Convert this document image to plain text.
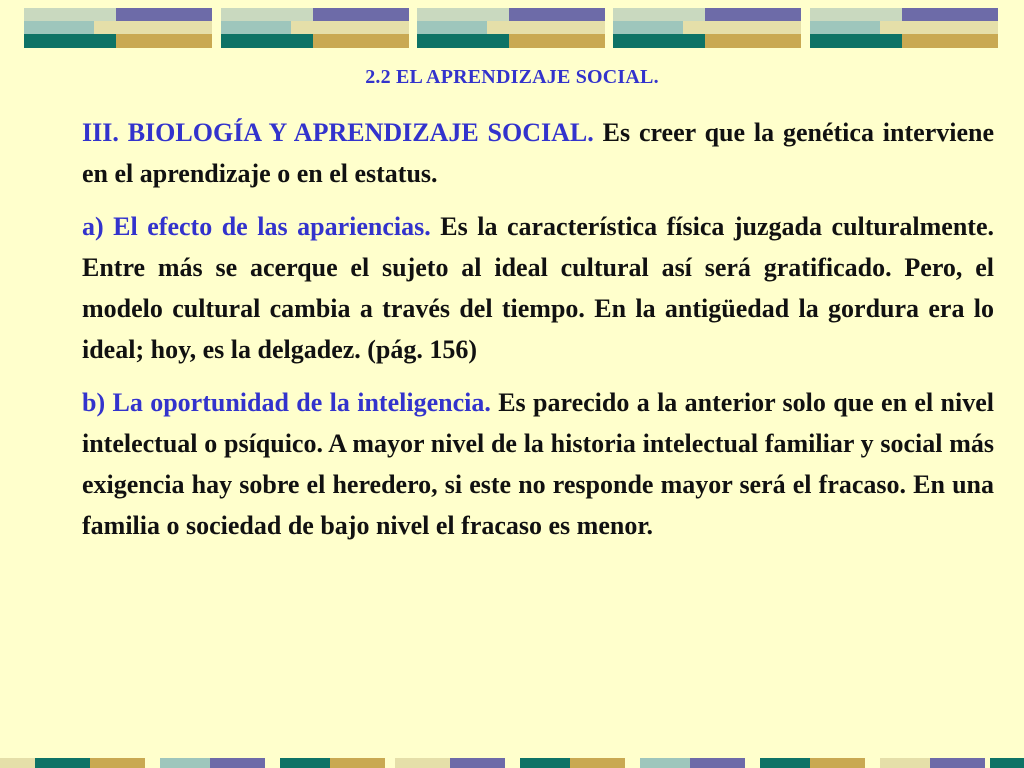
2.2 EL APRENDIZAJE SOCIAL.

III. BIOLOGÍA Y APRENDIZAJE SOCIAL. Es creer que la genética interviene en el aprendizaje o en el estatus.

a) El efecto de las apariencias. Es la característica física juzgada culturalmente. Entre más se acerque el sujeto al ideal cultural así será gratificado. Pero, el modelo cultural cambia a través del tiempo. En la antigüedad la gordura era lo ideal; hoy, es la delgadez. (pág. 156)

b) La oportunidad de la inteligencia. Es parecido a la anterior solo que en el nivel intelectual o psíquico. A mayor nivel de la historia intelectual familiar y social más exigencia hay sobre el heredero, si este no responde mayor será el fracaso. En una familia o sociedad de bajo nivel el fracaso es menor.
